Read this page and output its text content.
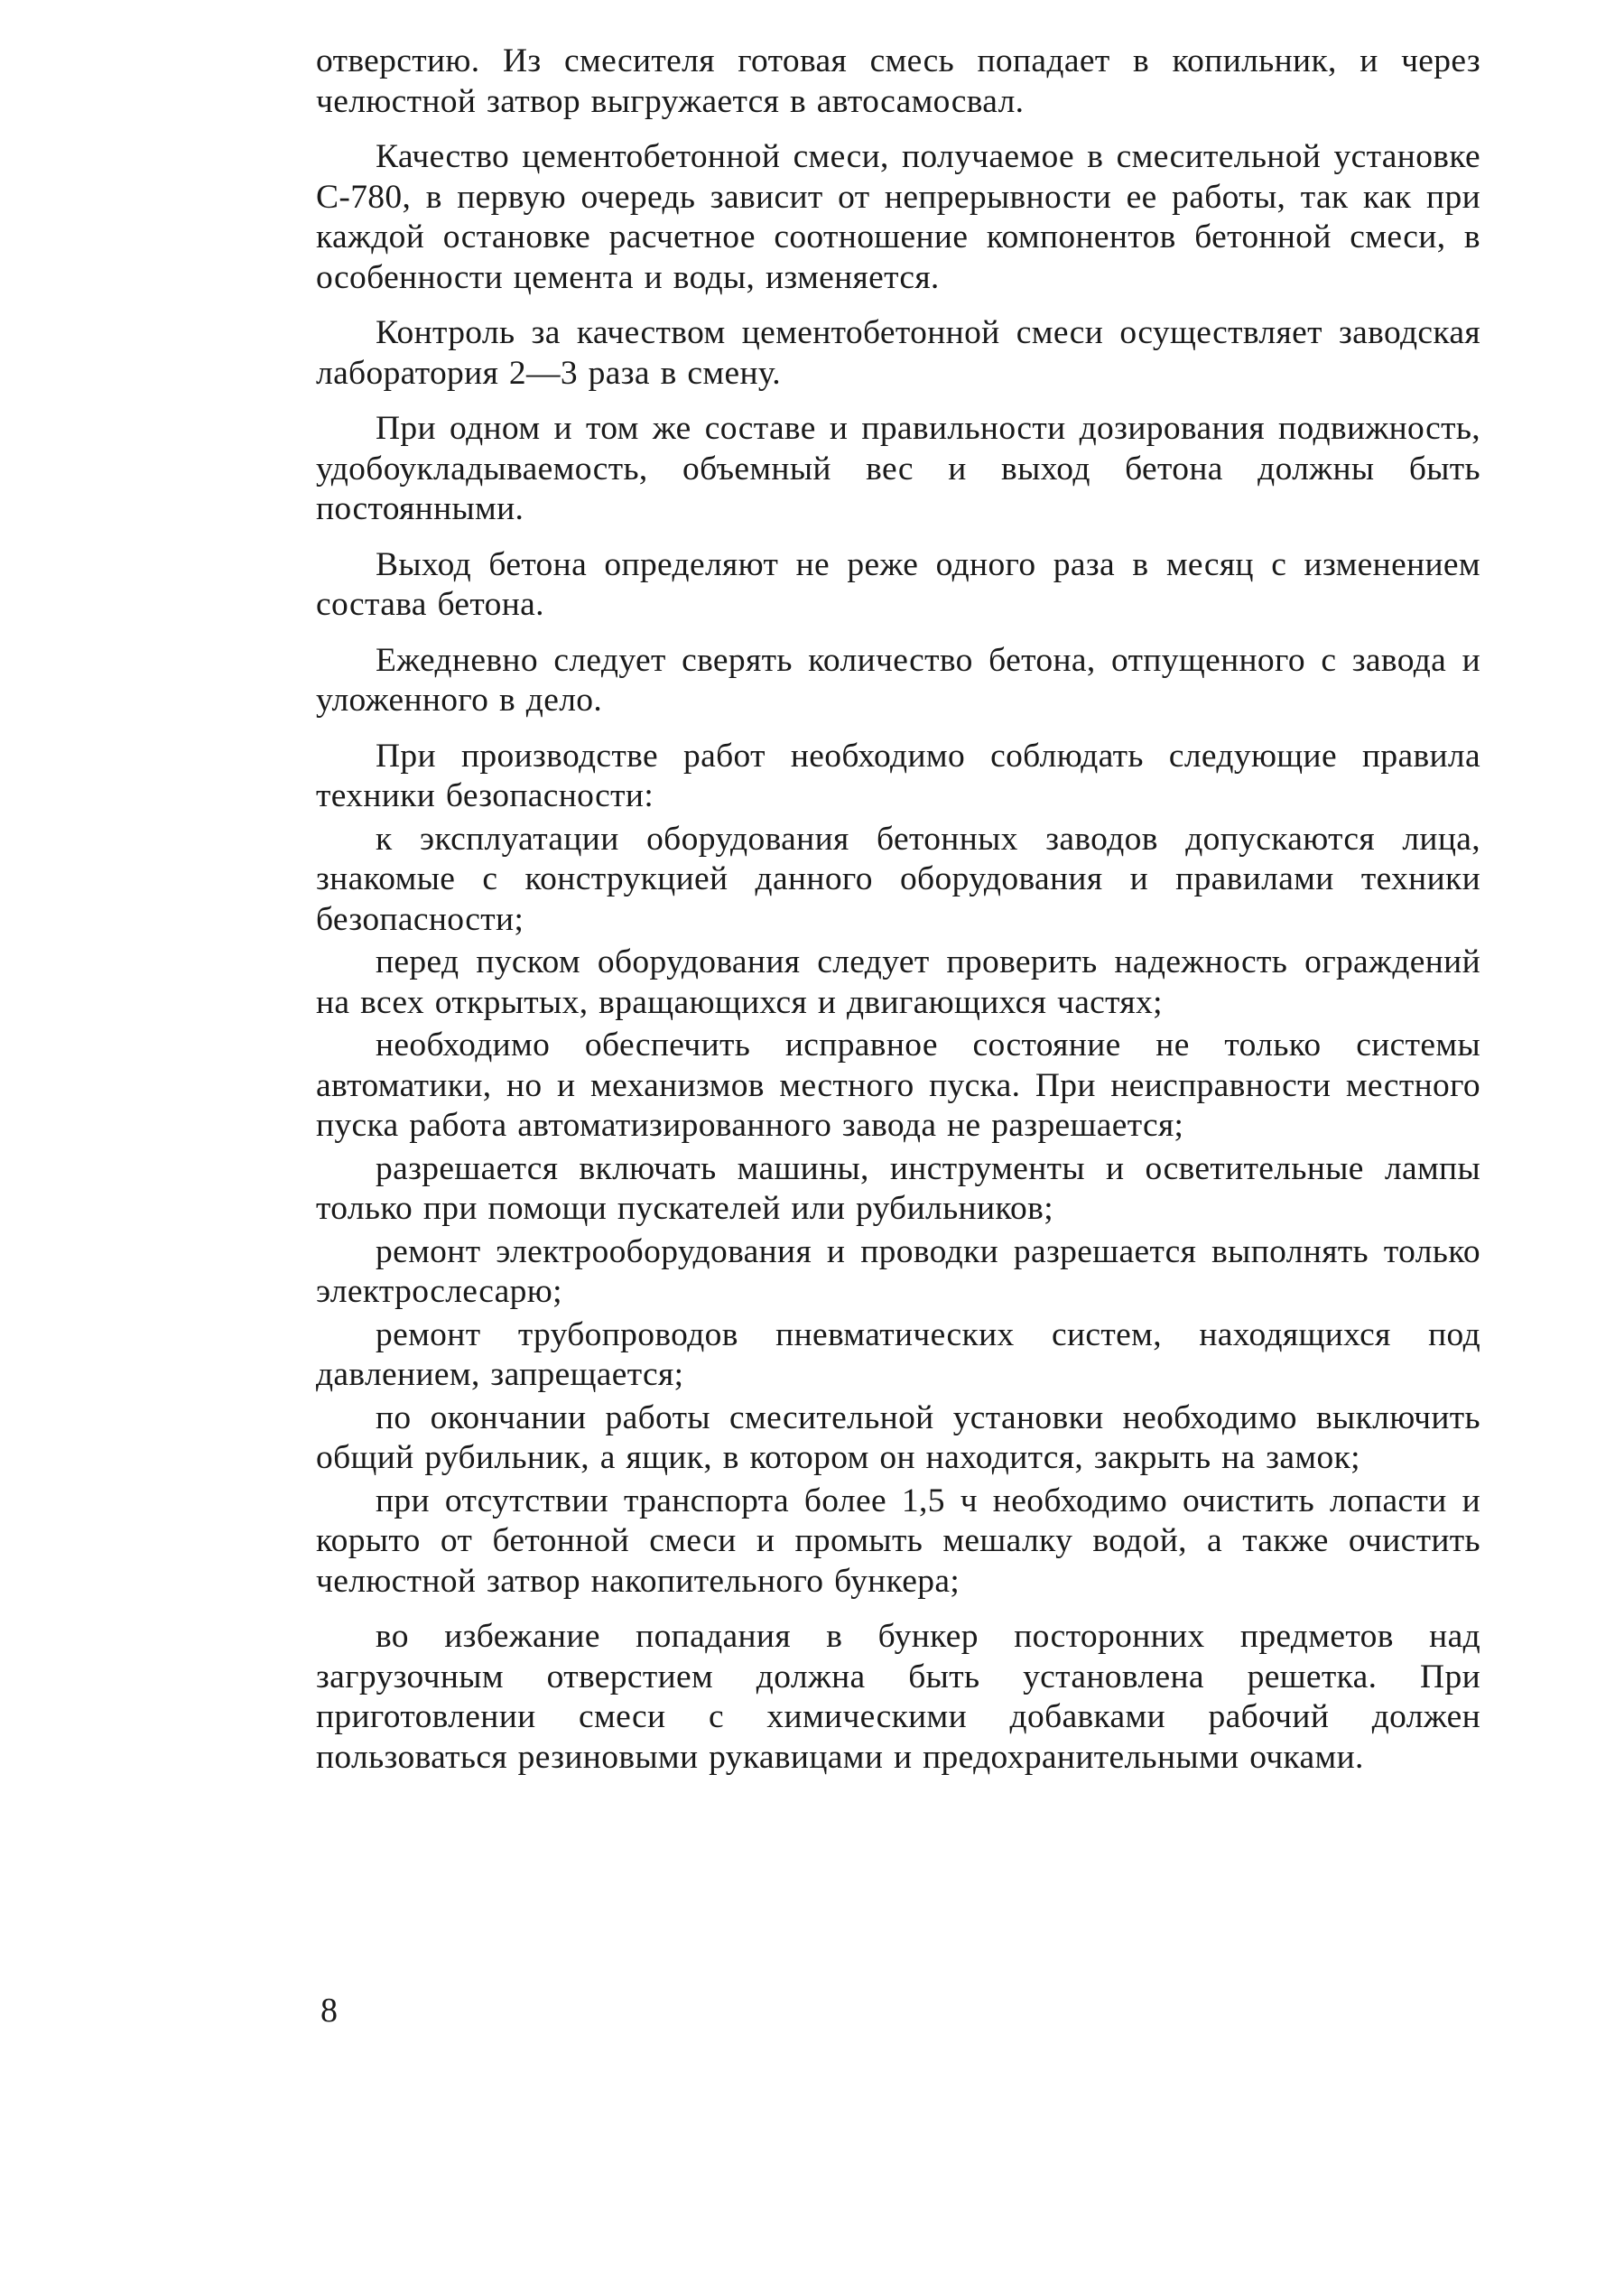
отверстию. Из смесителя готовая смесь попадает в копильник, и через челюстной затвор выгружается в автосамосвал.

Качество цементобетонной смеси, получаемое в смесительной установке С-780, в первую очередь зависит от непрерывности ее работы, так как при каждой остановке расчетное соотношение компонентов бетонной смеси, в особенности цемента и воды, изменяется.

Контроль за качеством цементобетонной смеси осуществляет заводская лаборатория 2—3 раза в смену.

При одном и том же составе и правильности дозирования подвижность, удобоукладываемость, объемный вес и выход бетона должны быть постоянными.

Выход бетона определяют не реже одного раза в месяц с изменением состава бетона.

Ежедневно следует сверять количество бетона, отпущенного с завода и уложенного в дело.

При производстве работ необходимо соблюдать следующие правила техники безопасности:

к эксплуатации оборудования бетонных заводов допускаются лица, знакомые с конструкцией данного оборудования и правилами техники безопасности;

перед пуском оборудования следует проверить надежность ограждений на всех открытых, вращающихся и двигающихся частях;

необходимо обеспечить исправное состояние не только системы автоматики, но и механизмов местного пуска. При неисправности местного пуска работа автоматизированного завода не разрешается;

разрешается включать машины, инструменты и осветительные лампы только при помощи пускателей или рубильников;

ремонт электрооборудования и проводки разрешается выполнять только электрослесарю;

ремонт трубопроводов пневматических систем, находящихся под давлением, запрещается;

по окончании работы смесительной установки необходимо выключить общий рубильник, а ящик, в котором он находится, закрыть на замок;

при отсутствии транспорта более 1,5 ч необходимо очистить лопасти и корыто от бетонной смеси и промыть мешалку водой, а также очистить челюстной затвор накопительного бункера;

во избежание попадания в бункер посторонних предметов над загрузочным отверстием должна быть установлена решетка. При приготовлении смеси с химическими добавками рабочий должен пользоваться резиновыми рукавицами и предохранительными очками.

8
